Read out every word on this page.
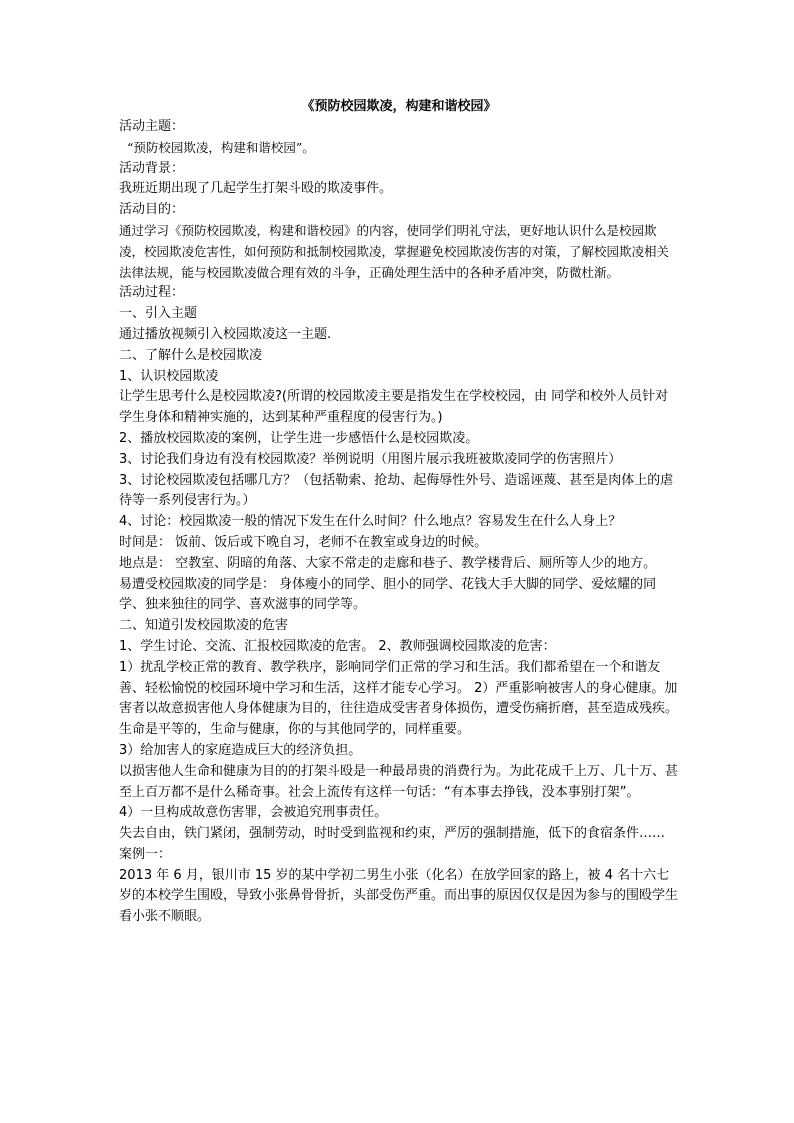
《预防校园欺凌，构建和谐校园》

活动主题：

“预防校园欺凌，构建和谐校园”。

活动背景：

我班近期出现了几起学生打架斗殴的欺凌事件。

活动目的：

通过学习《预防校园欺凌，构建和谐校园》的内容，使同学们明礼守法，更好地认识什么是校园欺凌，校园欺凌危害性，如何预防和抵制校园欺凌，掌握避免校园欺凌伤害的对策，了解校园欺凌相关法律法规，能与校园欺凌做合理有效的斗争，正确处理生活中的各种矛盾冲突，防微杜渐。

活动过程：

一、引入主题

通过播放视频引入校园欺凌这一主题.

二、了解什么是校园欺凌

1、认识校园欺凌

让学生思考什么是校园欺凌?(所谓的校园欺凌主要是指发生在学校校园，由 同学和校外人员针对学生身体和精神实施的，达到某种严重程度的侵害行为。)

2、播放校园欺凌的案例，让学生进一步感悟什么是校园欺凌。

3、讨论我们身边有没有校园欺凌？举例说明（用图片展示我班被欺凌同学的伤害照片）

3、讨论校园欺凌包括哪几方？（包括勒索、抢劫、起侮辱性外号、造谣诬蔑、甚至是肉体上的虐待等一系列侵害行为。）

4、讨论：校园欺凌一般的情况下发生在什么时间？什么地点？容易发生在什么人身上？

时间是： 饭前、饭后或下晚自习，老师不在教室或身边的时候。

地点是： 空教室、阴暗的角落、大家不常走的走廊和巷子、教学楼背后、厕所等人少的地方。

易遭受校园欺凌的同学是： 身体瘦小的同学、胆小的同学、花钱大手大脚的同学、爱炫耀的同学、独来独往的同学、喜欢滋事的同学等。

二、知道引发校园欺凌的危害

1、学生讨论、交流、汇报校园欺凌的危害。 2、教师强调校园欺凌的危害：

1）扰乱学校正常的教育、教学秩序，影响同学们正常的学习和生活。我们都希望在一个和谐友善、轻松愉悦的校园环境中学习和生活，这样才能专心学习。 2）严重影响被害人的身心健康。加害者以故意损害他人身体健康为目的，往往造成受害者身体损伤，遭受伤痛折磨，甚至造成残疾。生命是平等的，生命与健康，你的与其他同学的，同样重要。

3）给加害人的家庭造成巨大的经济负担。

以损害他人生命和健康为目的的打架斗殴是一种最昂贵的消费行为。为此花成千上万、几十万、甚至上百万都不是什么稀奇事。社会上流传有这样一句话：“有本事去挣钱，没本事别打架”。

4）一旦构成故意伤害罪，会被追究刑事责任。

失去自由，铁门紧闭，强制劳动，时时受到监视和约束，严厉的强制措施，低下的食宿条件……

案例一：

2013 年 6 月，银川市 15 岁的某中学初二男生小张（化名）在放学回家的路上，被 4 名十六七岁的本校学生围殴，导致小张鼻骨骨折，头部受伤严重。而出事的原因仅仅是因为参与的围殴学生看小张不顺眼。
